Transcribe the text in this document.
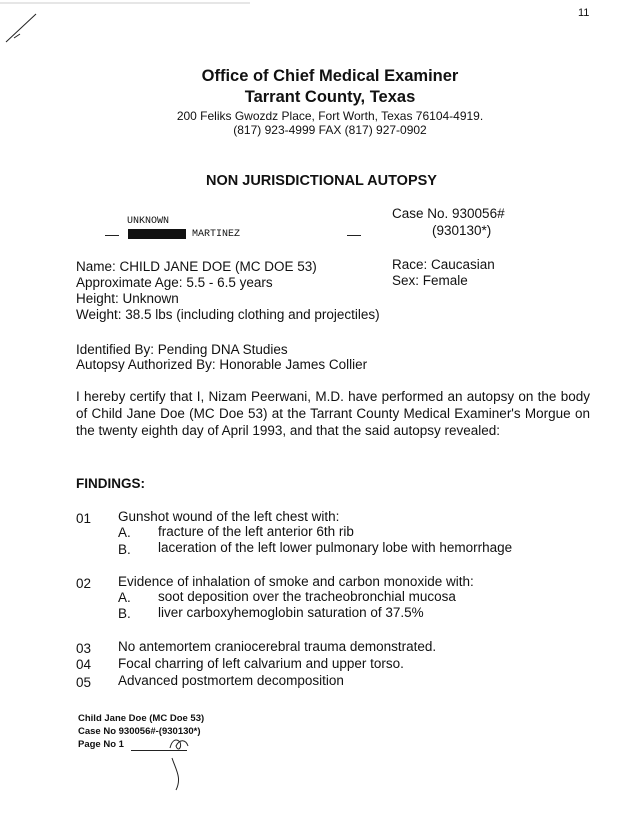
11
Office of Chief Medical Examiner
Tarrant County, Texas
200 Feliks Gwozdz Place, Fort Worth, Texas 76104-4919.
(817) 923-4999 FAX (817) 927-0902
NON JURISDICTIONAL AUTOPSY
UNKNOWN
MARTINEZ
Case No. 930056#
(930130*)
Name: CHILD JANE DOE (MC DOE 53)
Approximate Age: 5.5 - 6.5 years
Height: Unknown
Weight: 38.5 lbs (including clothing and projectiles)
Race: Caucasian
Sex: Female
Identified By: Pending DNA Studies
Autopsy Authorized By: Honorable James Collier
I hereby certify that I, Nizam Peerwani, M.D. have performed an autopsy on the body of Child Jane Doe (MC Doe 53) at the Tarrant County Medical Examiner's Morgue on the twenty eighth day of April 1993, and that the said autopsy revealed:
FINDINGS:
01 Gunshot wound of the left chest with:
A. fracture of the left anterior 6th rib
B. laceration of the left lower pulmonary lobe with hemorrhage
02 Evidence of inhalation of smoke and carbon monoxide with:
A. soot deposition over the tracheobronchial mucosa
B. liver carboxyhemoglobin saturation of 37.5%
03 No antemortem craniocerebral trauma demonstrated.
04 Focal charring of left calvarium and upper torso.
05 Advanced postmortem decomposition
Child Jane Doe (MC Doe 53)
Case No 930056#-(930130*)
Page No 1
